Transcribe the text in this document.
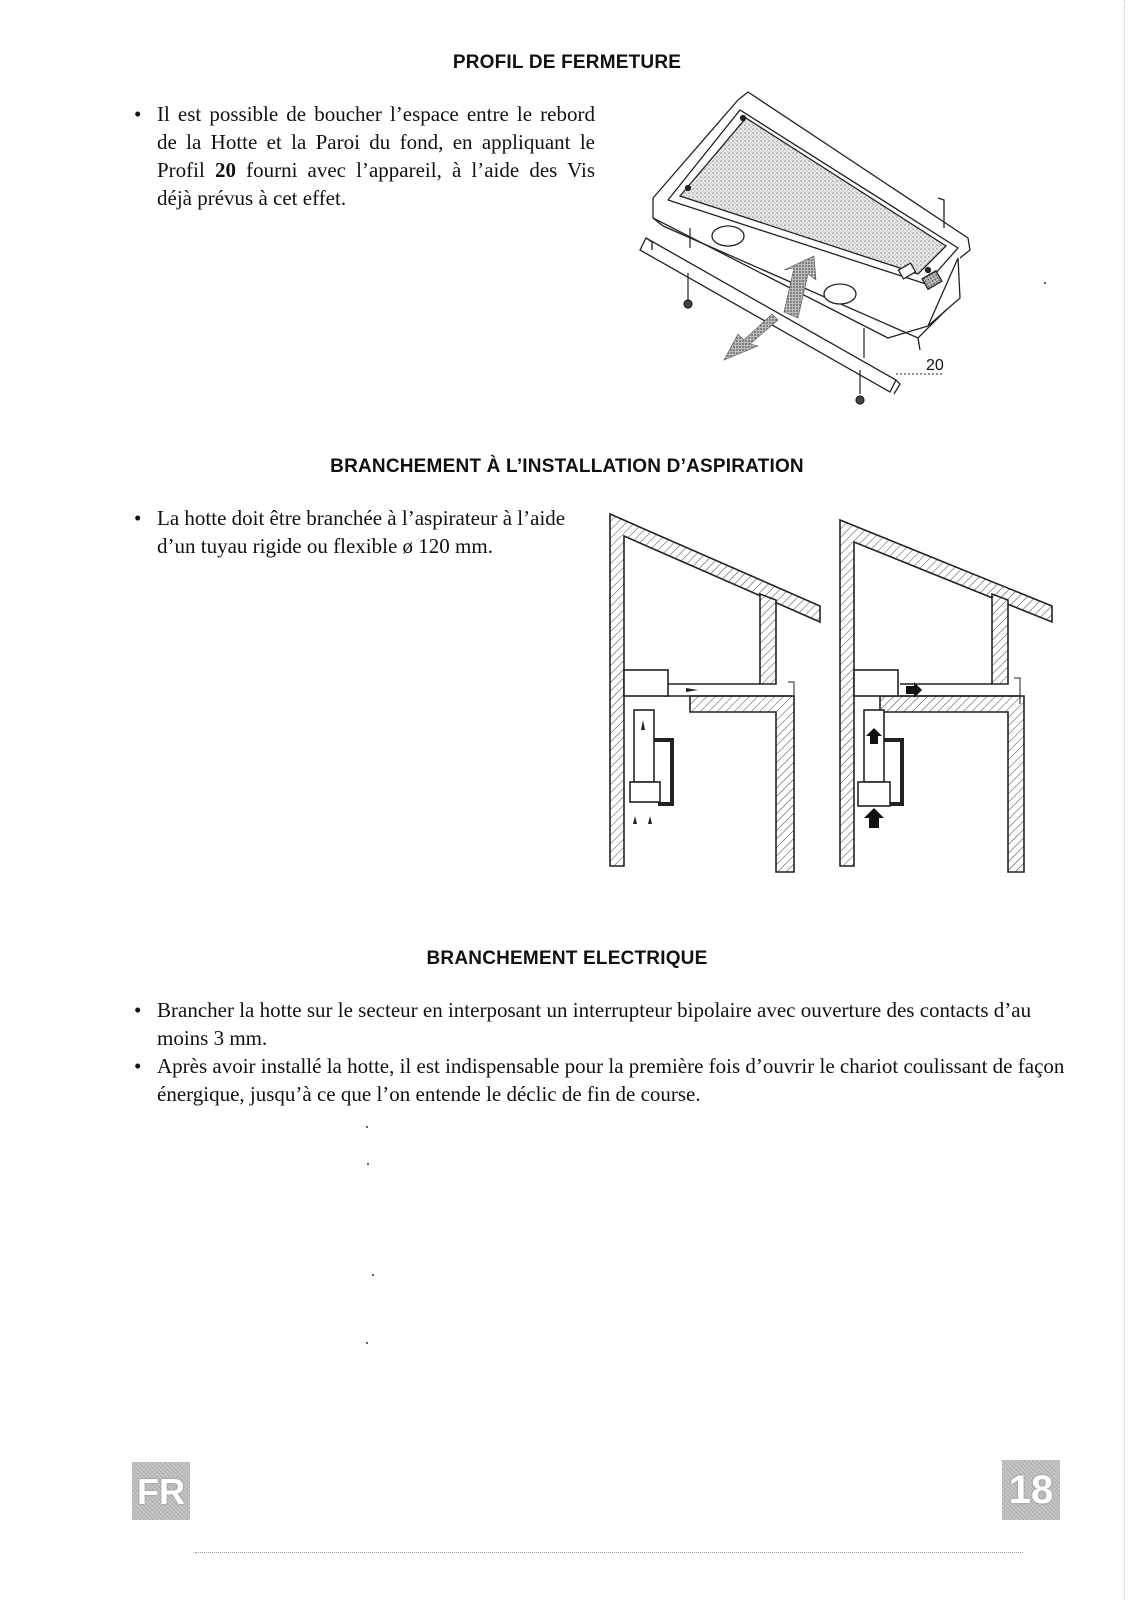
PROFIL DE FERMETURE
• Il est possible de boucher l’espace entre le rebord de la Hotte et la Paroi du fond, en appliquant le Profil 20 fourni avec l’appareil, à l’aide des Vis déjà prévus à cet effet.
20
BRANCHEMENT À L’INSTALLATION D’ASPIRATION
• La hotte doit être branchée à l’aspirateur à l’aide d’un tuyau rigide ou flexible ø 120 mm.
BRANCHEMENT ELECTRIQUE
• Brancher la hotte sur le secteur en interposant un interrupteur bipolaire avec ouverture des contacts d’au moins 3 mm.
• Après avoir installé la hotte, il est indispensable pour la première fois d’ouvrir le chariot coulissant de façon énergique, jusqu’à ce que l’on entende le déclic de fin de course.
FR	18
